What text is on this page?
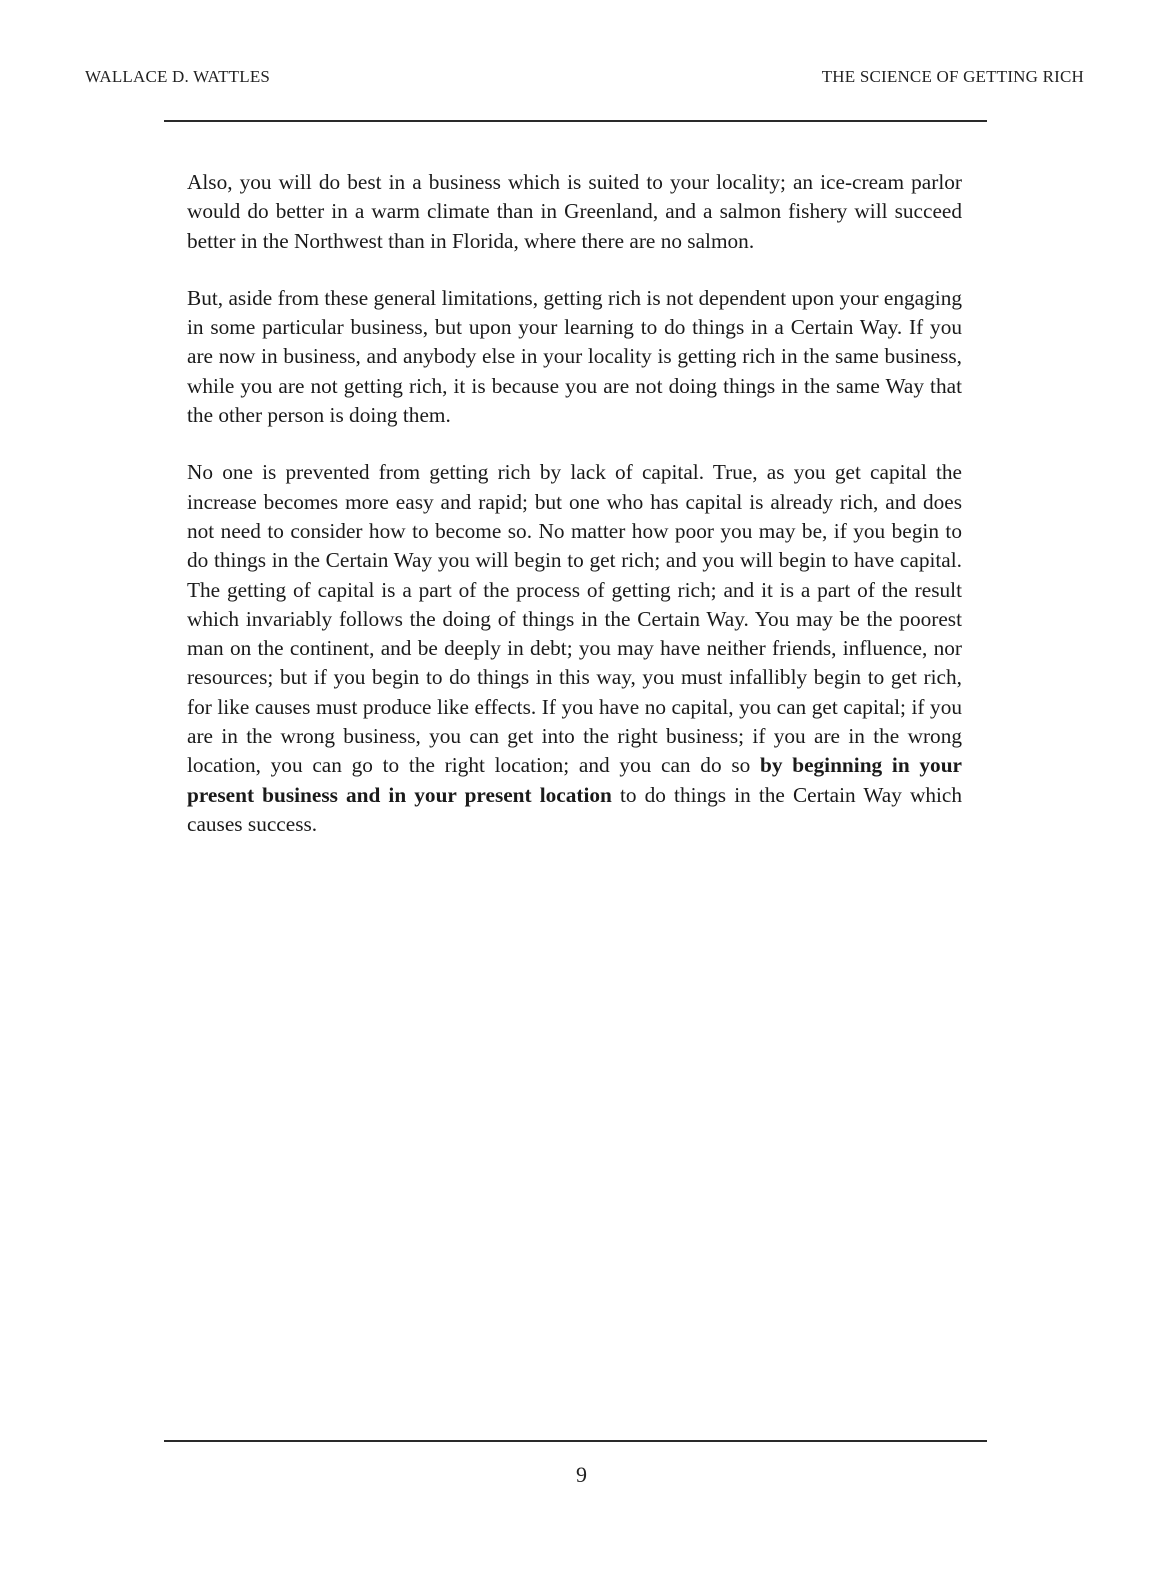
WALLACE D. WATTLES	THE SCIENCE OF GETTING RICH

Also, you will do best in a business which is suited to your locality; an ice-cream parlor would do better in a warm climate than in Greenland, and a salmon fishery will succeed better in the Northwest than in Florida, where there are no salmon.

But, aside from these general limitations, getting rich is not dependent upon your engaging in some particular business, but upon your learning to do things in a Certain Way. If you are now in business, and anybody else in your locality is getting rich in the same business, while you are not getting rich, it is because you are not doing things in the same Way that the other person is doing them.

No one is prevented from getting rich by lack of capital. True, as you get capital the increase becomes more easy and rapid; but one who has capital is already rich, and does not need to consider how to become so. No matter how poor you may be, if you begin to do things in the Certain Way you will begin to get rich; and you will begin to have capital. The getting of capital is a part of the process of getting rich; and it is a part of the result which invariably follows the doing of things in the Certain Way. You may be the poorest man on the continent, and be deeply in debt; you may have neither friends, influence, nor resources; but if you begin to do things in this way, you must infallibly begin to get rich, for like causes must produce like effects. If you have no capital, you can get capital; if you are in the wrong business, you can get into the right business; if you are in the wrong location, you can go to the right location; and you can do so by beginning in your present business and in your present location to do things in the Certain Way which causes success.

9
